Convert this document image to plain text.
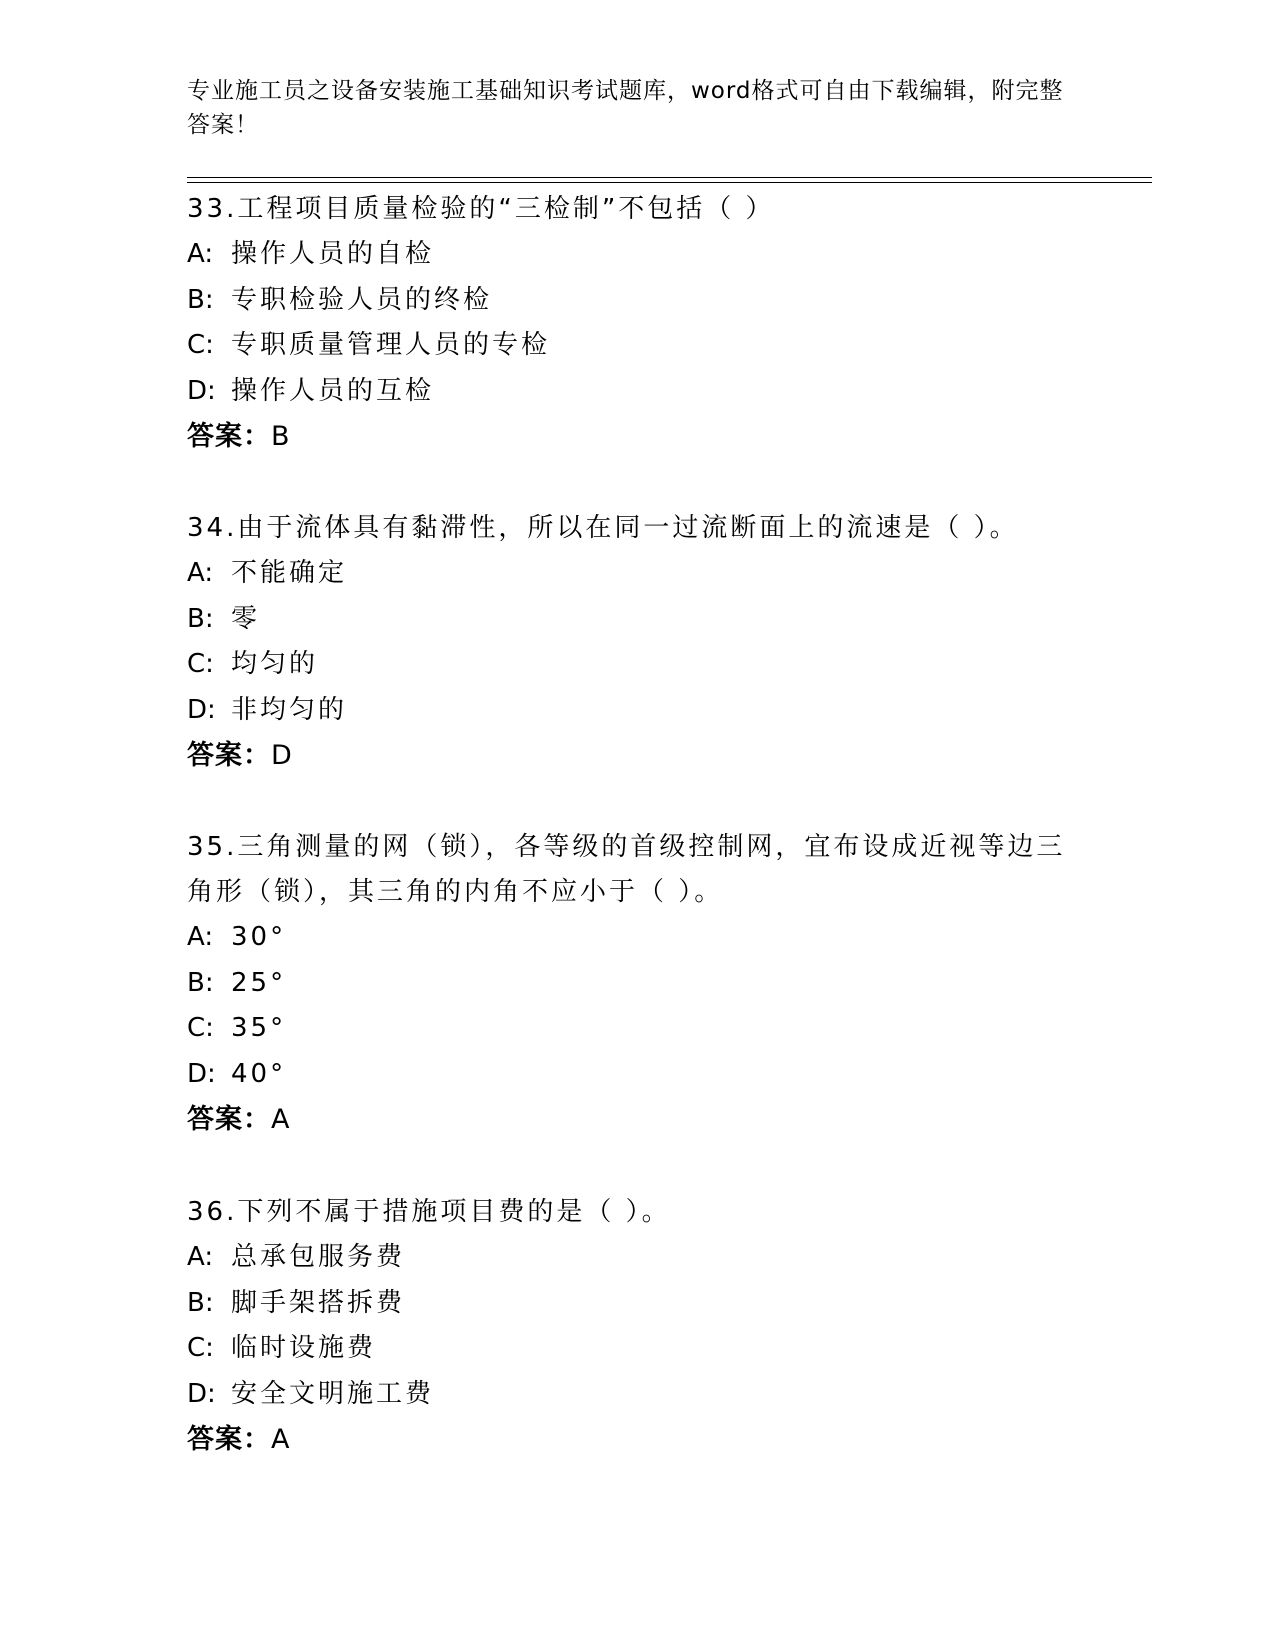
专业施工员之设备安装施工基础知识考试题库，word格式可自由下载编辑，附完整答案！
33.工程项目质量检验的“三检制”不包括（ ）
A: 操作人员的自检
B: 专职检验人员的终检
C: 专职质量管理人员的专检
D: 操作人员的互检
答案：B
34.由于流体具有黏滞性，所以在同一过流断面上的流速是（ ）。
A: 不能确定
B: 零
C: 均匀的
D: 非均匀的
答案：D
35.三角测量的网（锁），各等级的首级控制网，宜布设成近视等边三角形（锁），其三角的内角不应小于（ ）。
A: 30°
B: 25°
C: 35°
D: 40°
答案：A
36.下列不属于措施项目费的是（ ）。
A: 总承包服务费
B: 脚手架搭拆费
C: 临时设施费
D: 安全文明施工费
答案：A
